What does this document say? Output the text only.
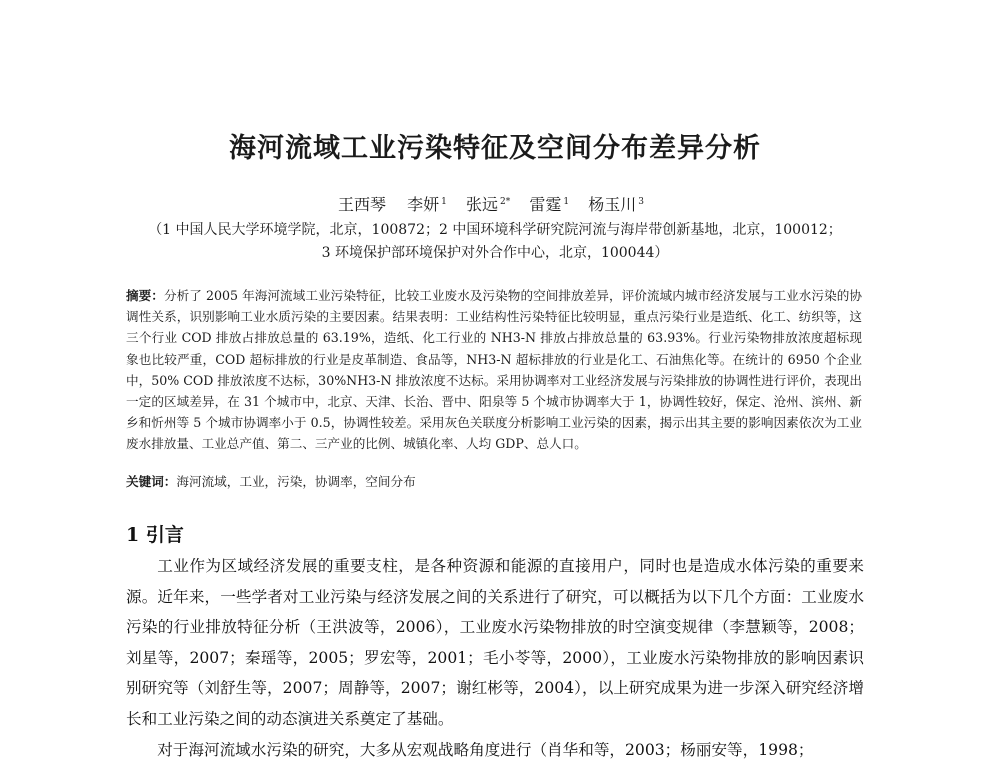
海河流域工业污染特征及空间分布差异分析
王西琴 李妍 $^1$ 张远 $^{2*}$ 雷霆 $^1$ 杨玉川 $^3$
（1 中国人民大学环境学院，北京，100872；2 中国环境科学研究院河流与海岸带创新基地，北京，100012；
3 环境保护部环境保护对外合作中心，北京，100044）
摘要：分析了 2005 年海河流域工业污染特征，比较工业废水及污染物的空间排放差异，评价流域内城市经济发展与工业水污染的协调性关系，识别影响工业水质污染的主要因素。结果表明：工业结构性污染特征比较明显，重点污染行业是造纸、化工、纺织等，这三个行业 COD 排放占排放总量的 63.19%，造纸、化工行业的 NH3-N 排放占排放总量的 63.93%。行业污染物排放浓度超标现象也比较严重，COD 超标排放的行业是皮革制造、食品等，NH3-N 超标排放的行业是化工、石油焦化等。在统计的 6950 个企业中，50% COD 排放浓度不达标，30%NH3-N 排放浓度不达标。采用协调率对工业经济发展与污染排放的协调性进行评价，表现出一定的区域差异，在 31 个城市中，北京、天津、长治、晋中、阳泉等 5 个城市协调率大于 1，协调性较好，保定、沧州、滨州、新乡和忻州等 5 个城市协调率小于 0.5，协调性较差。采用灰色关联度分析影响工业污染的因素，揭示出其主要的影响因素依次为工业废水排放量、工业总产值、第二、三产业的比例、城镇化率、人均 GDP、总人口。
关键词：海河流域，工业，污染，协调率，空间分布
1 引言

工业作为区域经济发展的重要支柱，是各种资源和能源的直接用户，同时也是造成水体污染的重要来源。近年来，一些学者对工业污染与经济发展之间的关系进行了研究，可以概括为以下几个方面：工业废水污染的行业排放特征分析（王洪波等，2006），工业废水污染物排放的时空演变规律（李慧颖等，2008；刘星等，2007；秦瑶等，2005；罗宏等，2001；毛小苓等，2000），工业废水污染物排放的影响因素识别研究等（刘舒生等，2007；周静等，2007；谢红彬等，2004），以上研究成果为进一步深入研究经济增长和工业污染之间的动态演进关系奠定了基础。

对于海河流域水污染的研究，大多从宏观战略角度进行（肖华和等，2003；杨丽安等，1998；
